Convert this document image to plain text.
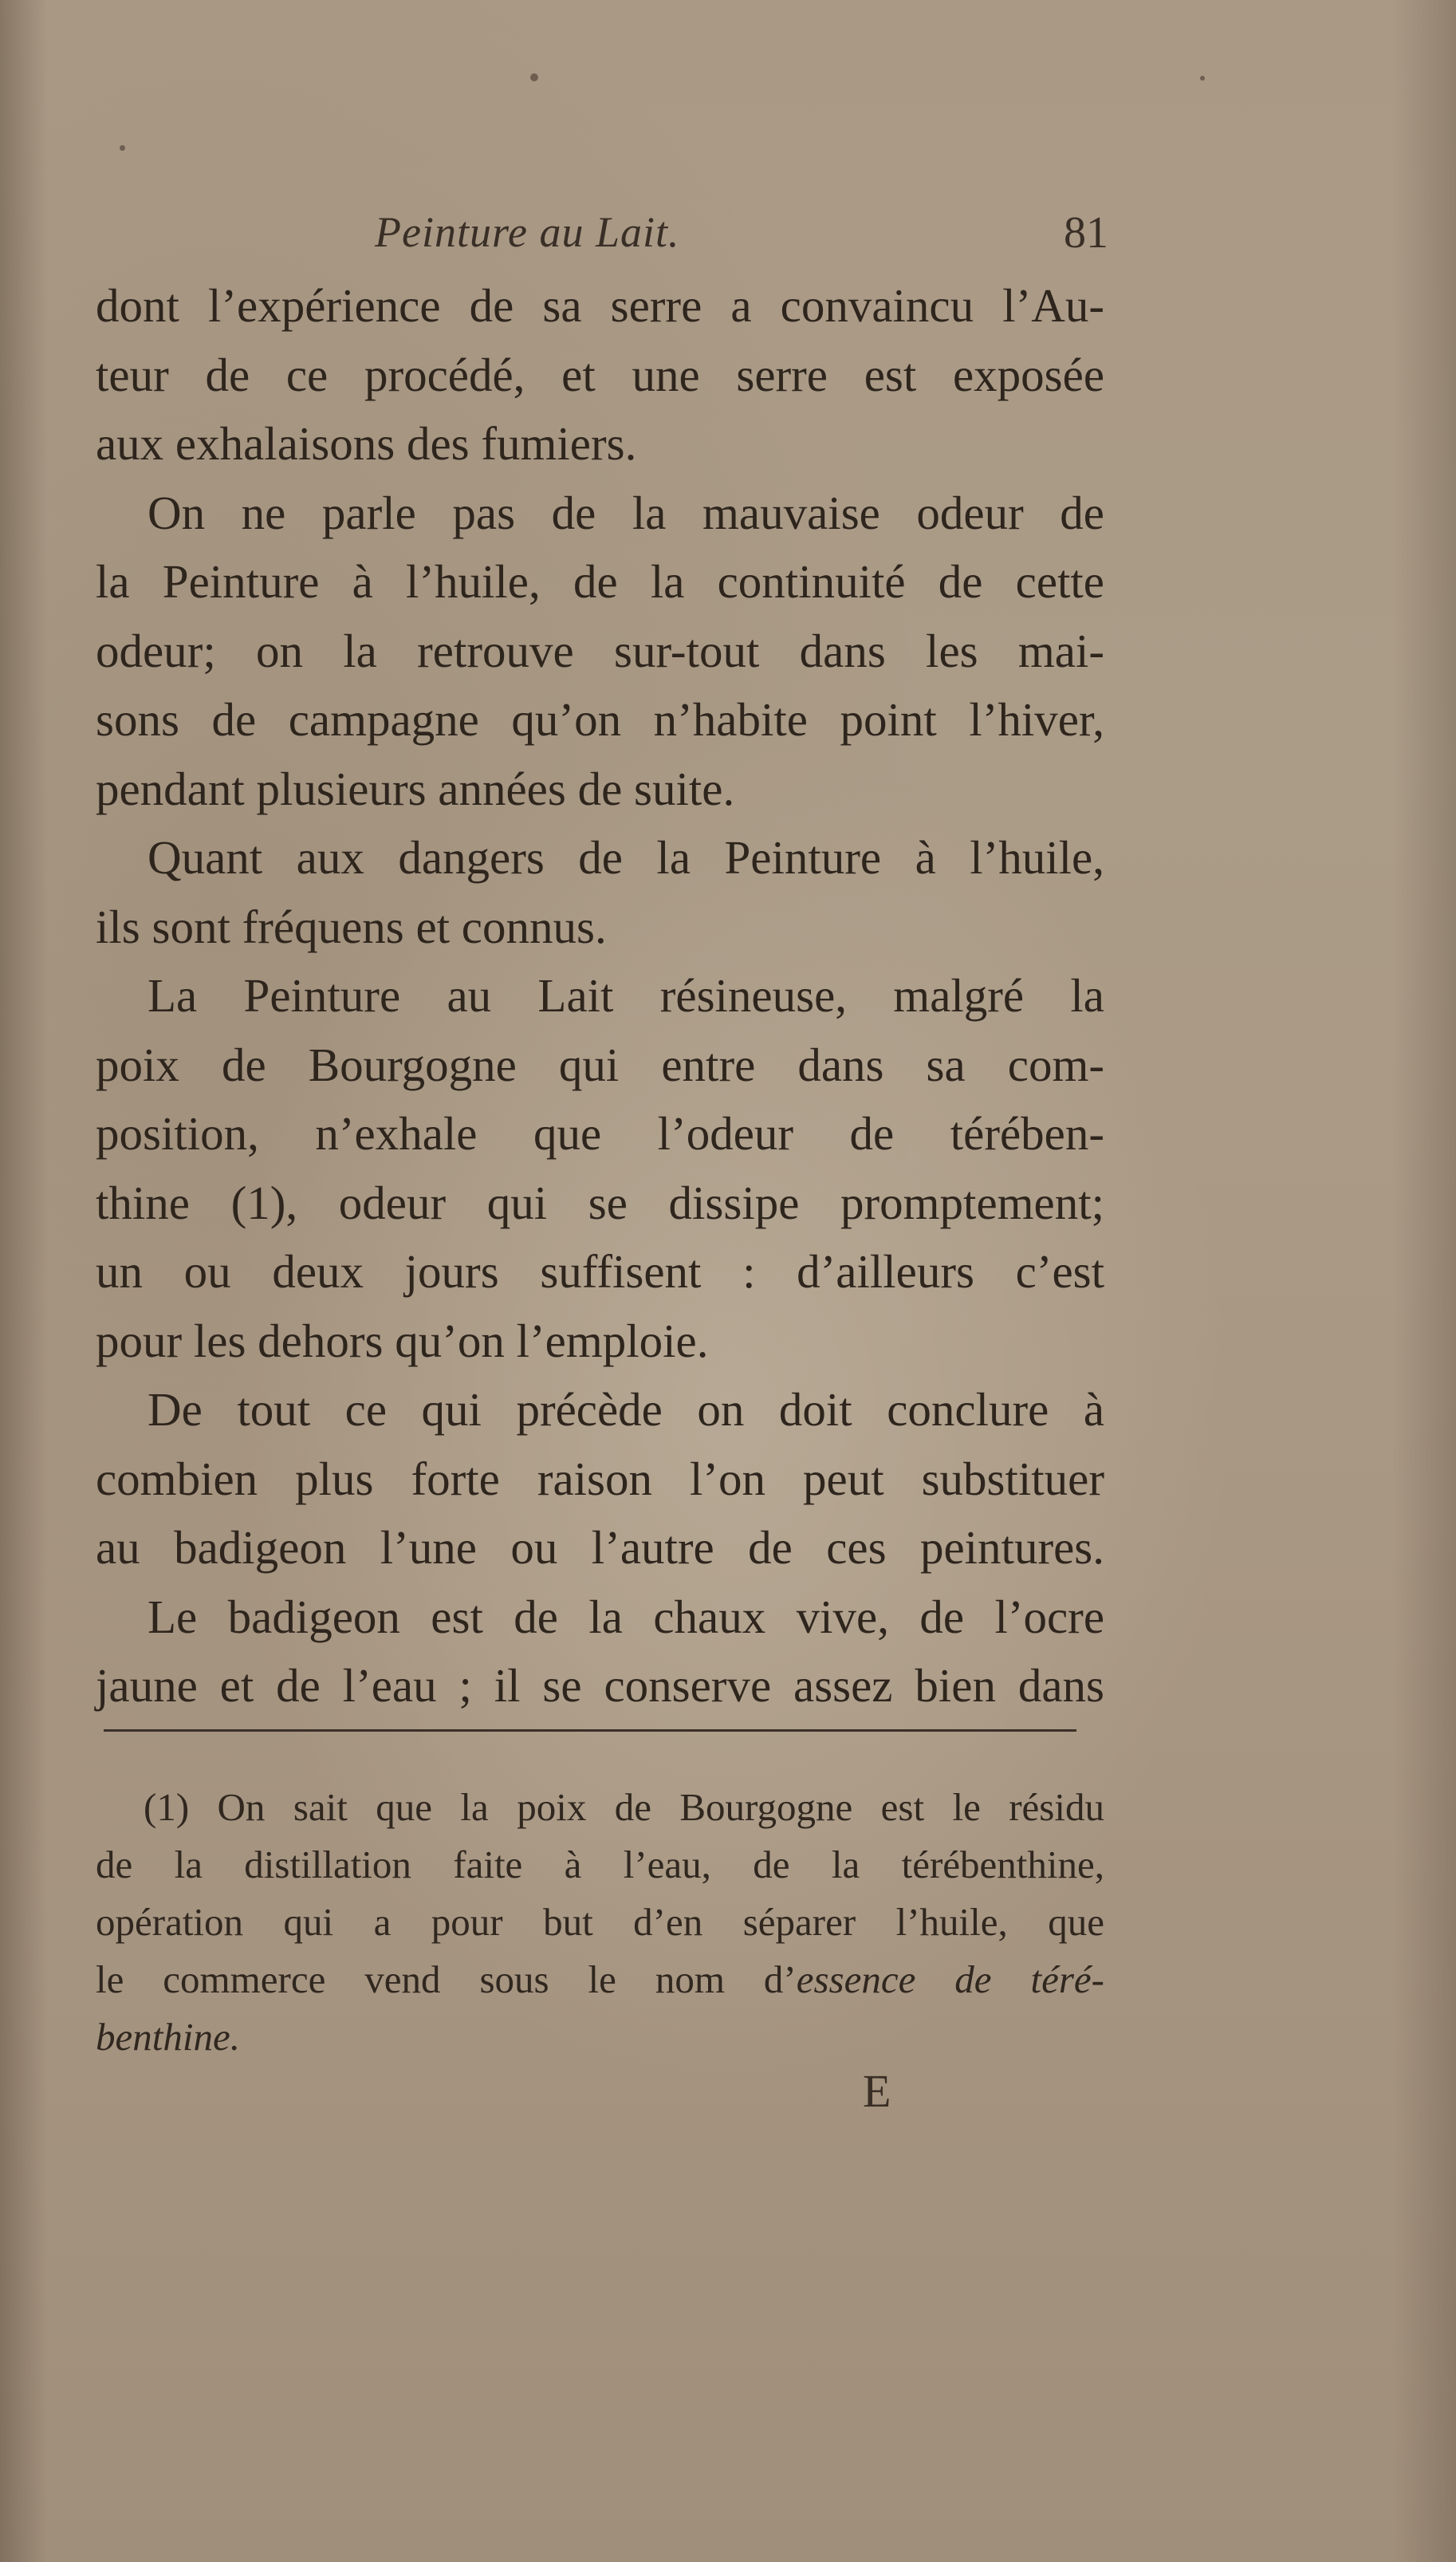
Peinture au Lait.	81
dont l’expérience de sa serre a convaincu l’Au-
teur de ce procédé, et une serre est exposée
aux exhalaisons des fumiers.
On ne parle pas de la mauvaise odeur de
la Peinture à l’huile, de la continuité de cette
odeur; on la retrouve sur-tout dans les mai-
sons de campagne qu’on n’habite point l’hiver,
pendant plusieurs années de suite.
Quant aux dangers de la Peinture à l’huile,
ils sont fréquens et connus.
La Peinture au Lait résineuse, malgré la
poix de Bourgogne qui entre dans sa com-
position, n’exhale que l’odeur de térében-
thine (1), odeur qui se dissipe promptement;
un ou deux jours suffisent : d’ailleurs c’est
pour les dehors qu’on l’emploie.
De tout ce qui précède on doit conclure à
combien plus forte raison l’on peut substituer
au badigeon l’une ou l’autre de ces peintures.
Le badigeon est de la chaux vive, de l’ocre
jaune et de l’eau ; il se conserve assez bien dans
(1) On sait que la poix de Bourgogne est le résidu
de la distillation faite à l’eau, de la térébenthine,
opération qui a pour but d’en séparer l’huile, que
le commerce vend sous le nom d’essence de téré-
benthine.
E
